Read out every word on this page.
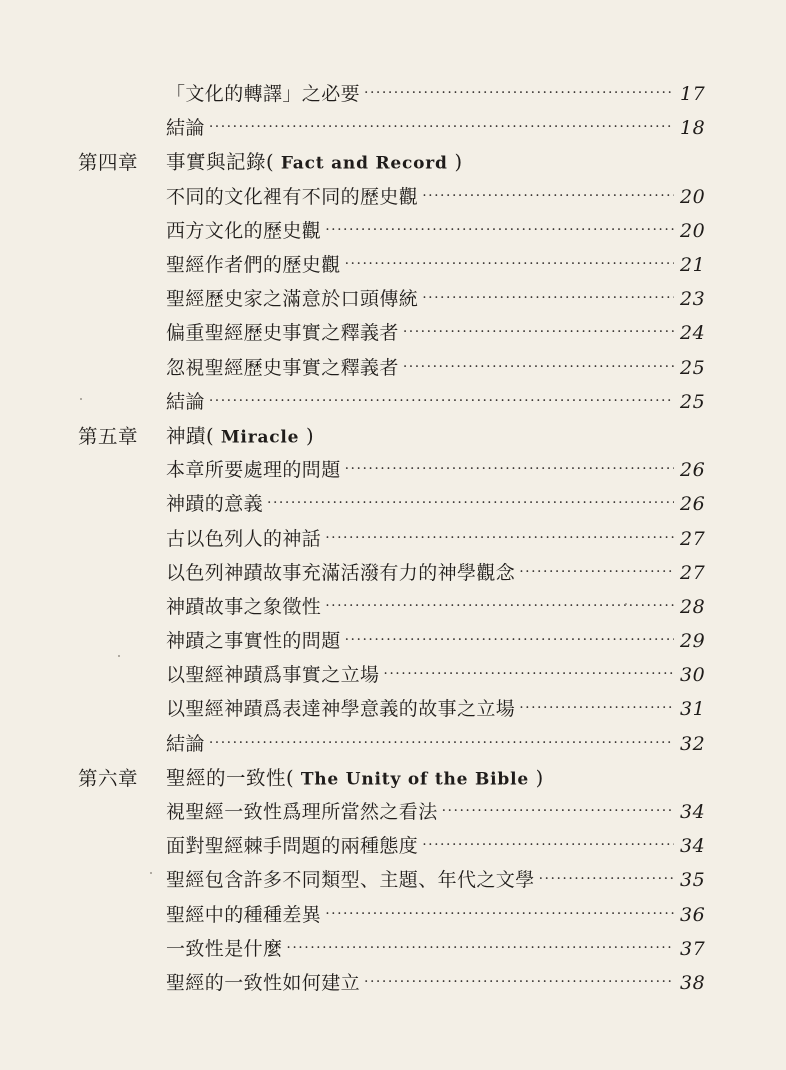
「文化的轉譯」之必要 ·····	17
結論 ·····	18
第四章 事實與記錄( Fact and Record )
不同的文化裡有不同的歷史觀 ·····	20
西方文化的歷史觀 ·····	20
聖經作者們的歷史觀 ·····	21
聖經歷史家之滿意於口頭傳統 ·····	23
偏重聖經歷史事實之釋義者 ·····	24
忽視聖經歷史事實之釋義者 ·····	25
結論 ·····	25
第五章 神蹟( Miracle )
本章所要處理的問題 ·····	26
神蹟的意義 ·····	26
古以色列人的神話 ·····	27
以色列神蹟故事充滿活潑有力的神學觀念 ·····	27
神蹟故事之象徵性 ·····	28
神蹟之事實性的問題 ·····	29
以聖經神蹟爲事實之立場 ·····	30
以聖經神蹟爲表達神學意義的故事之立場 ·····	31
結論 ·····	32
第六章 聖經的一致性( The Unity of the Bible )
視聖經一致性爲理所當然之看法 ·····	34
面對聖經棘手問題的兩種態度 ·····	34
聖經包含許多不同類型、主題、年代之文學 ·····	35
聖經中的種種差異 ·····	36
一致性是什麼 ·····	37
聖經的一致性如何建立 ·····	38
